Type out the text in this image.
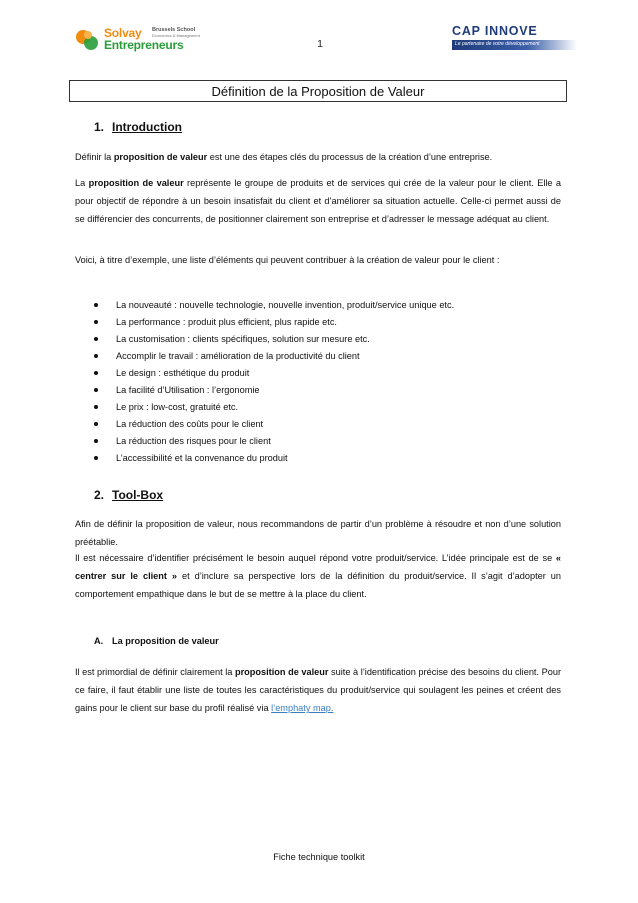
Solvay Brussels School
Economics & Management
Entrepreneurs	1
CAP INNOVE
Le partenaire de votre développement
Définition de la Proposition de Valeur
1. Introduction
Définir la proposition de valeur est une des étapes clés du processus de la création d’une entreprise.
La proposition de valeur représente le groupe de produits et de services qui crée de la valeur pour le client. Elle a pour objectif de répondre à un besoin insatisfait du client et d’améliorer sa situation actuelle. Celle-ci permet aussi de se différencier des concurrents, de positionner clairement son entreprise et d’adresser le message adéquat au client.
Voici, à titre d’exemple, une liste d’éléments qui peuvent contribuer à la création de valeur pour le client :
La nouveauté : nouvelle technologie, nouvelle invention, produit/service unique etc.
La performance : produit plus efficient, plus rapide etc.
La customisation : clients spécifiques, solution sur mesure etc.
Accomplir le travail : amélioration de la productivité du client
Le design : esthétique du produit
La facilité d’Utilisation : l’ergonomie
Le prix : low-cost, gratuité etc.
La réduction des coûts pour le client
La réduction des risques pour le client
L’accessibilité et la convenance du produit
2. Tool-Box
Afin de définir la proposition de valeur, nous recommandons de partir d’un problème à résoudre et non d’une solution préétablie.
Il est nécessaire d’identifier précisément le besoin auquel répond votre produit/service. L’idée principale est de se « centrer sur le client » et d’inclure sa perspective lors de la définition du produit/service. Il s’agit d’adopter un comportement empathique dans le but de se mettre à la place du client.
A. La proposition de valeur
Il est primordial de définir clairement la proposition de valeur suite à l’identification précise des besoins du client. Pour ce faire, il faut établir une liste de toutes les caractéristiques du produit/service qui soulagent les peines et créent des gains pour le client sur base du profil réalisé via l’emphaty map.
Fiche technique toolkit
